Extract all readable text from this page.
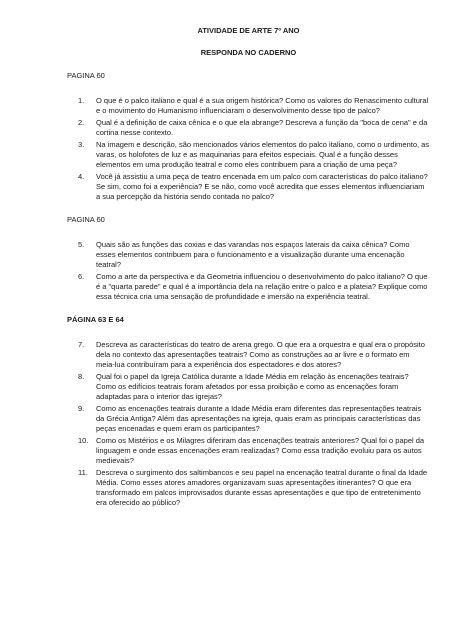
ATIVIDADE DE ARTE 7º ANO

RESPONDA NO CADERNO

PAGINA 60

1. O que é o palco italiano e qual é a sua origem histórica? Como os valores do Renascimento cultural e o movimento do Humanismo influenciaram o desenvolvimento desse tipo de palco?
2. Qual é a definição de caixa cênica e o que ela abrange? Descreva a função da "boca de cena" e da cortina nesse contexto.
3. Na imagem e descrição, são mencionados vários elementos do palco italiano, como o urdimento, as varas, os holofotes de luz e as maquinarias para efeitos especiais. Qual é a função desses elementos em uma produção teatral e como eles contribuem para a criação de uma peça?
4. Você já assistiu a uma peça de teatro encenada em um palco com características do palco italiano? Se sim, como foi a experiência? E se não, como você acredita que esses elementos influenciariam a sua percepção da história sendo contada no palco?

PAGINA 60

5. Quais são as funções das coxias e das varandas nos espaços laterais da caixa cênica? Como esses elementos contribuem para o funcionamento e a visualização durante uma encenação teatral?
6. Como a arte da perspectiva e da Geometria influenciou o desenvolvimento do palco italiano? O que é a "quarta parede" e qual é a importância dela na relação entre o palco e a plateia? Explique como essa técnica cria uma sensação de profundidade e imersão na experiência teatral.

PÁGINA 63 E 64

7. Descreva as características do teatro de arena grego. O que era a orquestra e qual era o propósito dela no contexto das apresentações teatrais? Como as construções ao ar livre e o formato em meia-lua contribuíram para a experiência dos espectadores e dos atores?
8. Qual foi o papel da Igreja Católica durante a Idade Média em relação às encenações teatrais? Como os edifícios teatrais foram afetados por essa proibição e como as encenações foram adaptadas para o interior das igrejas?
9. Como as encenações teatrais durante a Idade Média eram diferentes das representações teatrais da Grécia Antiga? Além das apresentações na igreja, quais eram as principais características das peças encenadas e quem eram os participantes?
10. Como os Mistérios e os Milagres diferiram das encenações teatrais anteriores? Qual foi o papel da linguagem e onde essas encenações eram realizadas? Como essa tradição evoluiu para os autos medievais?
11. Descreva o surgimento dos saltimbancos e seu papel na encenação teatral durante o final da Idade Média. Como esses atores amadores organizavam suas apresentações itinerantes? O que era transformado em palcos improvisados durante essas apresentações e que tipo de entretenimento era oferecido ao público?
